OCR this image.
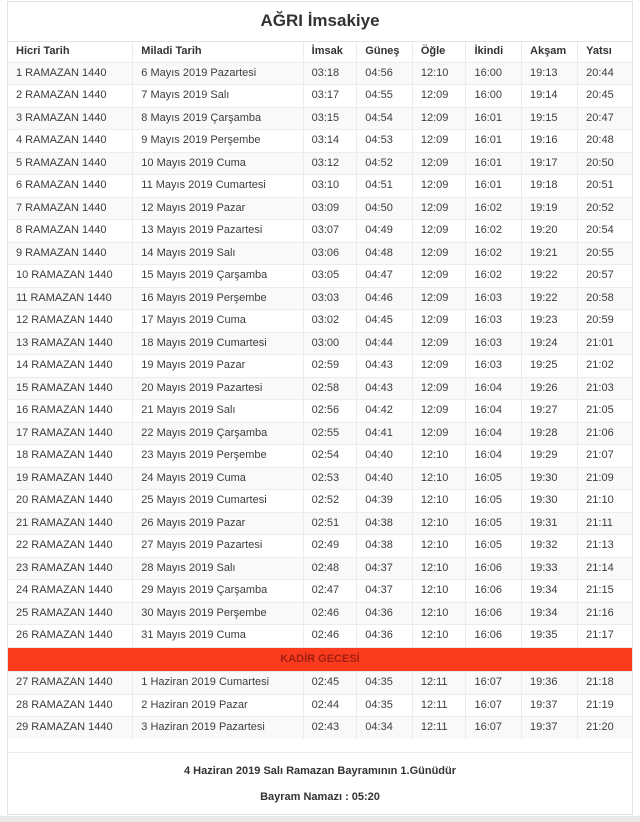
AĞRI İmsakiye
Hicri Tarih	Miladi Tarih	İmsak	Güneş	Öğle	İkindi	Akşam	Yatsı
1 RAMAZAN 1440	6 Mayıs 2019 Pazartesi	03:18	04:56	12:10	16:00	19:13	20:44
2 RAMAZAN 1440	7 Mayıs 2019 Salı	03:17	04:55	12:09	16:00	19:14	20:45
3 RAMAZAN 1440	8 Mayıs 2019 Çarşamba	03:15	04:54	12:09	16:01	19:15	20:47
4 RAMAZAN 1440	9 Mayıs 2019 Perşembe	03:14	04:53	12:09	16:01	19:16	20:48
5 RAMAZAN 1440	10 Mayıs 2019 Cuma	03:12	04:52	12:09	16:01	19:17	20:50
6 RAMAZAN 1440	11 Mayıs 2019 Cumartesi	03:10	04:51	12:09	16:01	19:18	20:51
7 RAMAZAN 1440	12 Mayıs 2019 Pazar	03:09	04:50	12:09	16:02	19:19	20:52
8 RAMAZAN 1440	13 Mayıs 2019 Pazartesi	03:07	04:49	12:09	16:02	19:20	20:54
9 RAMAZAN 1440	14 Mayıs 2019 Salı	03:06	04:48	12:09	16:02	19:21	20:55
10 RAMAZAN 1440	15 Mayıs 2019 Çarşamba	03:05	04:47	12:09	16:02	19:22	20:57
11 RAMAZAN 1440	16 Mayıs 2019 Perşembe	03:03	04:46	12:09	16:03	19:22	20:58
12 RAMAZAN 1440	17 Mayıs 2019 Cuma	03:02	04:45	12:09	16:03	19:23	20:59
13 RAMAZAN 1440	18 Mayıs 2019 Cumartesi	03:00	04:44	12:09	16:03	19:24	21:01
14 RAMAZAN 1440	19 Mayıs 2019 Pazar	02:59	04:43	12:09	16:03	19:25	21:02
15 RAMAZAN 1440	20 Mayıs 2019 Pazartesi	02:58	04:43	12:09	16:04	19:26	21:03
16 RAMAZAN 1440	21 Mayıs 2019 Salı	02:56	04:42	12:09	16:04	19:27	21:05
17 RAMAZAN 1440	22 Mayıs 2019 Çarşamba	02:55	04:41	12:09	16:04	19:28	21:06
18 RAMAZAN 1440	23 Mayıs 2019 Perşembe	02:54	04:40	12:10	16:04	19:29	21:07
19 RAMAZAN 1440	24 Mayıs 2019 Cuma	02:53	04:40	12:10	16:05	19:30	21:09
20 RAMAZAN 1440	25 Mayıs 2019 Cumartesi	02:52	04:39	12:10	16:05	19:30	21:10
21 RAMAZAN 1440	26 Mayıs 2019 Pazar	02:51	04:38	12:10	16:05	19:31	21:11
22 RAMAZAN 1440	27 Mayıs 2019 Pazartesi	02:49	04:38	12:10	16:05	19:32	21:13
23 RAMAZAN 1440	28 Mayıs 2019 Salı	02:48	04:37	12:10	16:06	19:33	21:14
24 RAMAZAN 1440	29 Mayıs 2019 Çarşamba	02:47	04:37	12:10	16:06	19:34	21:15
25 RAMAZAN 1440	30 Mayıs 2019 Perşembe	02:46	04:36	12:10	16:06	19:34	21:16
26 RAMAZAN 1440	31 Mayıs 2019 Cuma	02:46	04:36	12:10	16:06	19:35	21:17
KADİR GECESİ							
27 RAMAZAN 1440	1 Haziran 2019 Cumartesi	02:45	04:35	12:11	16:07	19:36	21:18
28 RAMAZAN 1440	2 Haziran 2019 Pazar	02:44	04:35	12:11	16:07	19:37	21:19
29 RAMAZAN 1440	3 Haziran 2019 Pazartesi	02:43	04:34	12:11	16:07	19:37	21:20
4 Haziran 2019 Salı Ramazan Bayramının 1.Günüdür
Bayram Namazı : 05:20
